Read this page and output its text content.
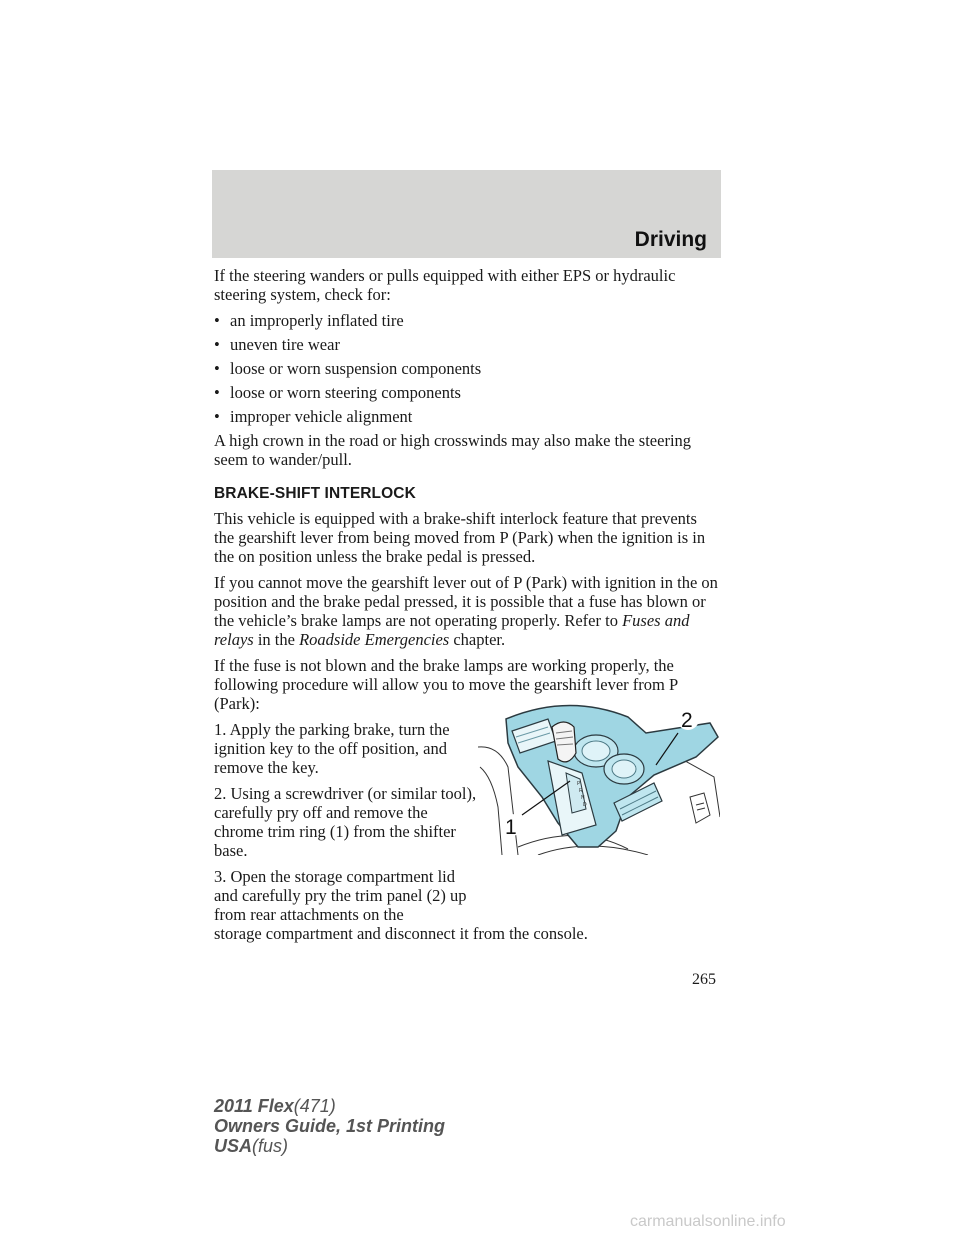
Driving

If the steering wanders or pulls equipped with either EPS or hydraulic steering system, check for:

• an improperly inflated tire
• uneven tire wear
• loose or worn suspension components
• loose or worn steering components
• improper vehicle alignment

A high crown in the road or high crosswinds may also make the steering seem to wander/pull.

BRAKE-SHIFT INTERLOCK

This vehicle is equipped with a brake-shift interlock feature that prevents the gearshift lever from being moved from P (Park) when the ignition is in the on position unless the brake pedal is pressed.

If you cannot move the gearshift lever out of P (Park) with ignition in the on position and the brake pedal pressed, it is possible that a fuse has blown or the vehicle’s brake lamps are not operating properly. Refer to Fuses and relays in the Roadside Emergencies chapter.

If the fuse is not blown and the brake lamps are working properly, the following procedure will allow you to move the gearshift lever from P (Park):

1. Apply the parking brake, turn the ignition key to the off position, and remove the key.

2. Using a screwdriver (or similar tool), carefully pry off and remove the chrome trim ring (1) from the shifter base.

3. Open the storage compartment lid and carefully pry the trim panel (2) up from rear attachments on the
storage compartment and disconnect it from the console.

P
R
N
D
1
2
265
2011 Flex(471)
Owners Guide, 1st Printing
USA(fus)
carmanualsonline.info
